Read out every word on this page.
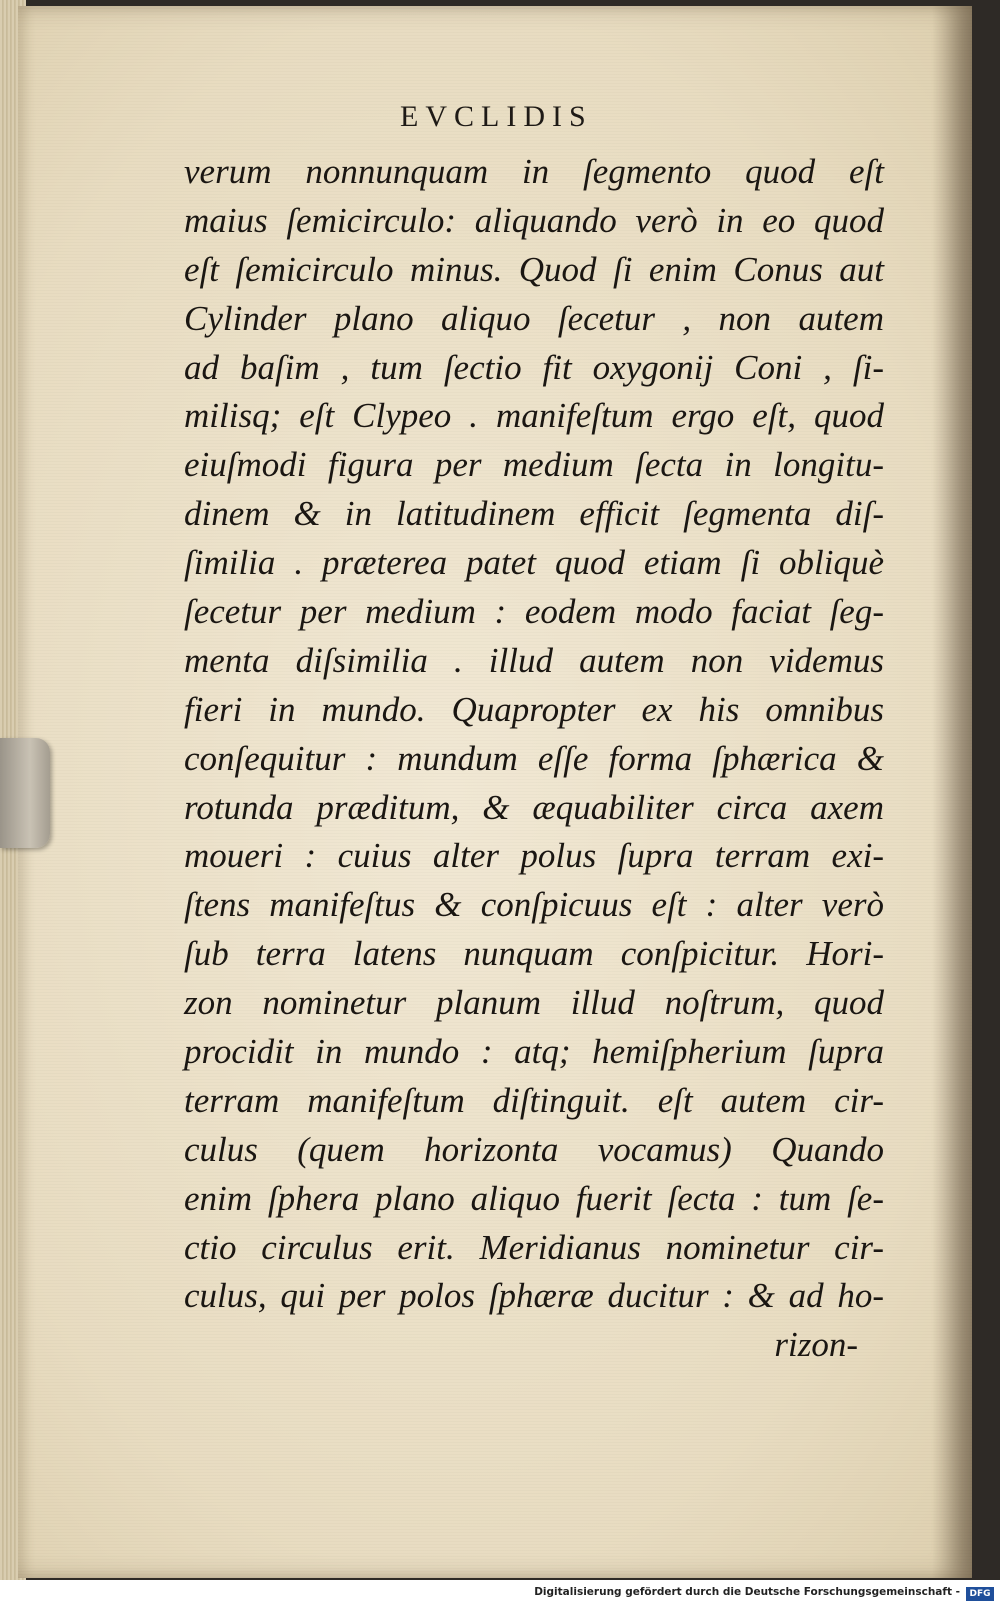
EVCLIDIS
verum nonnunquam in ſegmento quod eſt
maius ſemicirculo: aliquando verò in eo quod
eſt ſemicirculo minus. Quod ſi enim Conus aut
Cylinder plano aliquo ſecetur , non autem
ad baſim , tum ſectio fit oxygonij Coni , ſi-
milisq; eſt Clypeo . manifeſtum ergo eſt, quod
eiuſmodi figura per medium ſecta in longitu-
dinem & in latitudinem efficit ſegmenta diſ-
ſimilia . præterea patet quod etiam ſi obliquè
ſecetur per medium : eodem modo faciat ſeg-
menta diſsimilia . illud autem non videmus
fieri in mundo. Quapropter ex his omnibus
conſequitur : mundum eſſe forma ſphærica &
rotunda præditum, & æquabiliter circa axem
moueri : cuius alter polus ſupra terram exi-
ſtens manifeſtus & conſpicuus eſt : alter verò
ſub terra latens nunquam conſpicitur. Hori-
zon nominetur planum illud noſtrum, quod
procidit in mundo : atq; hemiſpherium ſupra
terram manifeſtum diſtinguit. eſt autem cir-
culus (quem horizonta vocamus) Quando
enim ſphera plano aliquo fuerit ſecta : tum ſe-
ctio circulus erit. Meridianus nominetur cir-
culus, qui per polos ſphæræ ducitur : & ad ho-
rizon-
Digitalisierung gefördert durch die Deutsche Forschungsgemeinschaft -	DFG
